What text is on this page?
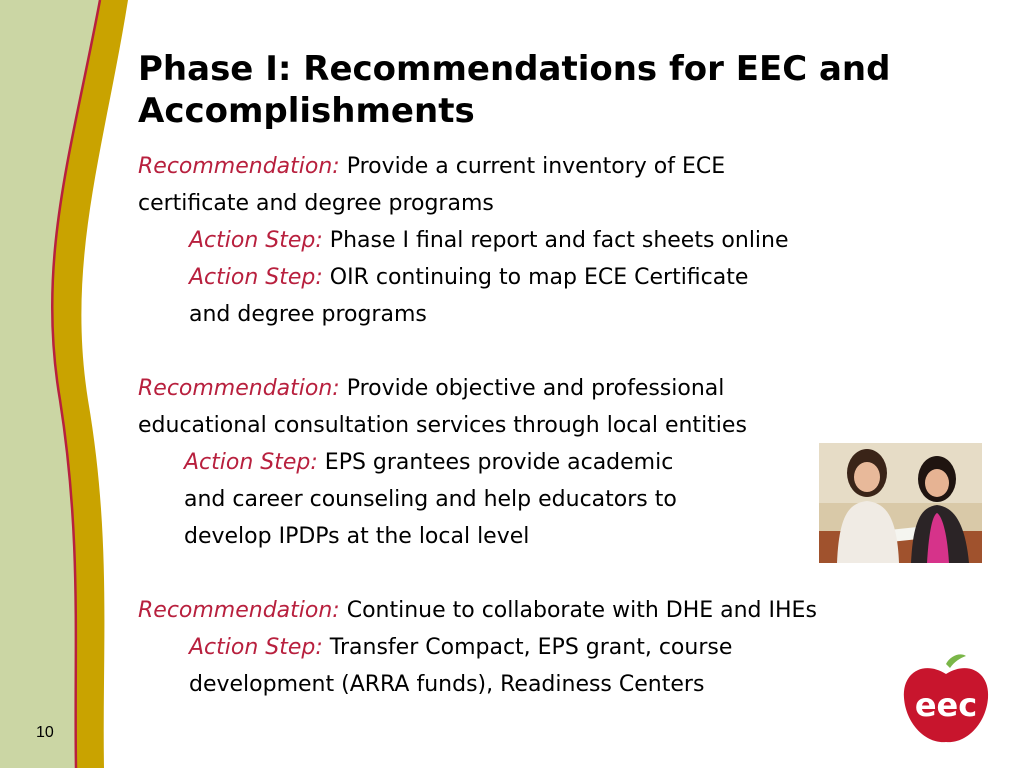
Phase I: Recommendations for EEC and Accomplishments
Recommendation: Provide a current inventory of ECE
certificate and degree programs
Action Step: Phase I final report and fact sheets online
Action Step: OIR continuing to map ECE Certificate
and degree programs
Recommendation: Provide objective and professional
educational consultation services through local entities
Action Step: EPS grantees provide academic
and career counseling and help educators to
develop IPDPs at the local level
Recommendation: Continue to collaborate with DHE and IHEs
Action Step: Transfer Compact, EPS grant, course
development (ARRA funds), Readiness Centers
eec
10
